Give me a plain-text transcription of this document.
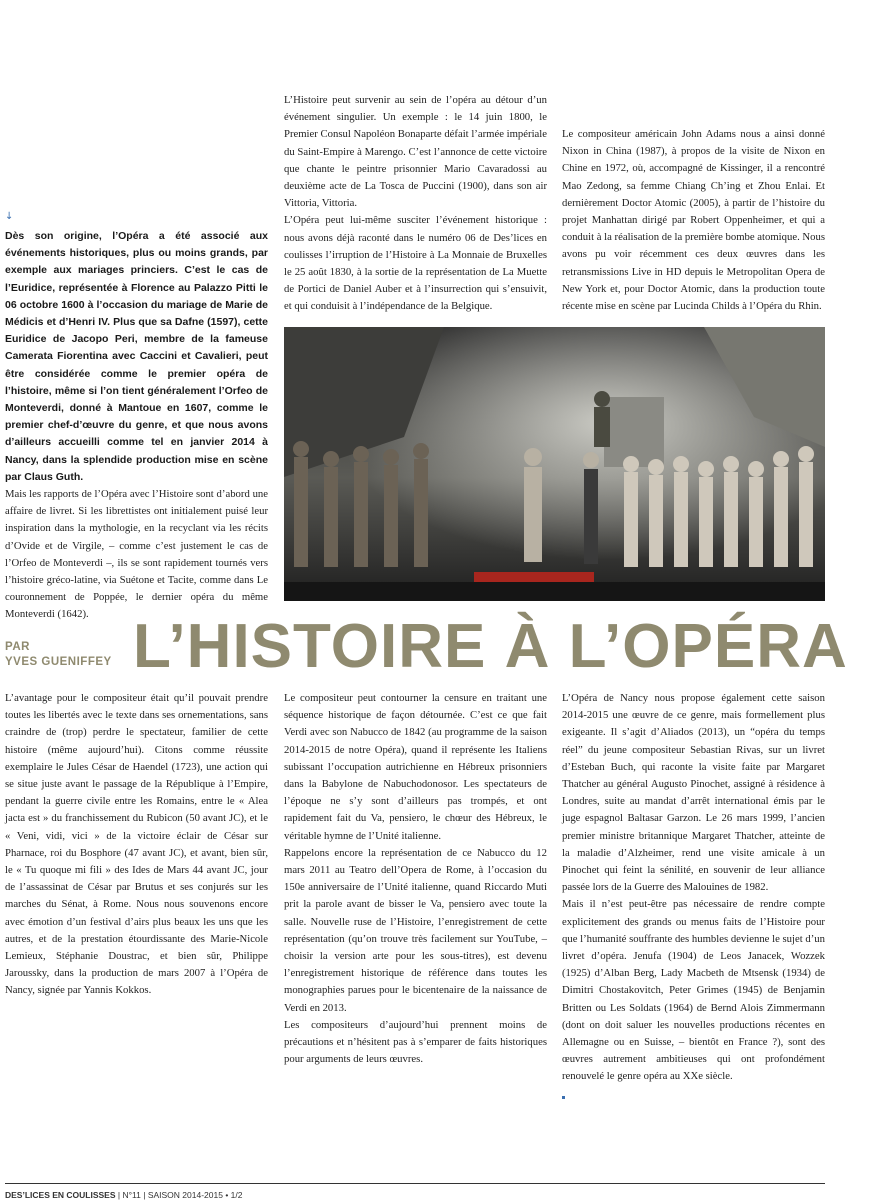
↓

Dès son origine, l’Opéra a été associé aux événements historiques, plus ou moins grands, par exemple aux mariages princiers. C’est le cas de l’Euridice, représentée à Florence au Palazzo Pitti le 06 octobre 1600 à l’occasion du mariage de Marie de Médicis et d’Henri IV. Plus que sa Dafne (1597), cette Euridice de Jacopo Peri, membre de la fameuse Camerata Fiorentina avec Caccini et Cavalieri, peut être considérée comme le premier opéra de l’histoire, même si l’on tient généralement l’Orfeo de Monteverdi, donné à Mantoue en 1607, comme le premier chef-d’œuvre du genre, et que nous avons d’ailleurs accueilli comme tel en janvier 2014 à Nancy, dans la splendide production mise en scène par Claus Guth.

Mais les rapports de l’Opéra avec l’Histoire sont d’abord une affaire de livret. Si les librettistes ont initialement puisé leur inspiration dans la mythologie, en la recyclant via les récits d’Ovide et de Virgile, – comme c’est justement le cas de l’Orfeo de Monteverdi –, ils se sont rapidement tournés vers l’histoire gréco-latine, via Suétone et Tacite, comme dans Le couronnement de Poppée, le dernier opéra du même Monteverdi (1642).

L’Histoire peut survenir au sein de l’opéra au détour d’un événement singulier. Un exemple : le 14 juin 1800, le Premier Consul Napoléon Bonaparte défait l’armée impériale du Saint-Empire à Marengo. C’est l’annonce de cette victoire que chante le peintre prisonnier Mario Cavaradossi au deuxième acte de La Tosca de Puccini (1900), dans son air Vittoria, Vittoria.

L’Opéra peut lui-même susciter l’événement historique : nous avons déjà raconté dans le numéro 06 de Des’lices en coulisses l’irruption de l’Histoire à La Monnaie de Bruxelles le 25 août 1830, à la sortie de la représentation de La Muette de Portici de Daniel Auber et à l’insurrection qui s’ensuivit, et qui conduisit à l’indépendance de la Belgique.

Le compositeur américain John Adams nous a ainsi donné Nixon in China (1987), à propos de la visite de Nixon en Chine en 1972, où, accompagné de Kissinger, il a rencontré Mao Zedong, sa femme Chiang Ch’ing et Zhou Enlai. Et dernièrement Doctor Atomic (2005), à partir de l’histoire du projet Manhattan dirigé par Robert Oppenheimer, et qui a conduit à la réalisation de la première bombe atomique. Nous avons pu voir récemment ces deux œuvres dans les retransmissions Live in HD depuis le Metropolitan Opera de New York et, pour Doctor Atomic, dans la production toute récente mise en scène par Lucinda Childs à l’Opéra du Rhin.

PAR
YVES GUENIFFEY L’HISTOIRE À L’OPÉRA

L’avantage pour le compositeur était qu’il pouvait prendre toutes les libertés avec le texte dans ses ornementations, sans craindre de (trop) perdre le spectateur, familier de cette histoire (même aujourd’hui). Citons comme réussite exemplaire le Jules César de Haendel (1723), une action qui se situe juste avant le passage de la République à l’Empire, pendant la guerre civile entre les Romains, entre le « Alea jacta est » du franchissement du Rubicon (50 avant JC), et le « Veni, vidi, vici » de la victoire éclair de César sur Pharnace, roi du Bosphore (47 avant JC), et avant, bien sûr, le « Tu quoque mi fili » des Ides de Mars 44 avant JC, jour de l’assassinat de César par Brutus et ses conjurés sur les marches du Sénat, à Rome. Nous nous souvenons encore avec émotion d’un festival d’airs plus beaux les uns que les autres, et de la prestation étourdissante des Marie-Nicole Lemieux, Stéphanie Doustrac, et bien sûr, Philippe Jaroussky, dans la production de mars 2007 à l’Opéra de Nancy, signée par Yannis Kokkos.

Le compositeur peut contourner la censure en traitant une séquence historique de façon détournée. C’est ce que fait Verdi avec son Nabucco de 1842 (au programme de la saison 2014-2015 de notre Opéra), quand il représente les Italiens subissant l’occupation autrichienne en Hébreux prisonniers dans la Babylone de Nabuchodonosor. Les spectateurs de l’époque ne s’y sont d’ailleurs pas trompés, et ont rapidement fait du Va, pensiero, le chœur des Hébreux, le véritable hymne de l’Unité italienne.

Rappelons encore la représentation de ce Nabucco du 12 mars 2011 au Teatro dell’Opera de Rome, à l’occasion du 150e anniversaire de l’Unité italienne, quand Riccardo Muti prit la parole avant de bisser le Va, pensiero avec toute la salle. Nouvelle ruse de l’Histoire, l’enregistrement de cette représentation (qu’on trouve très facilement sur YouTube, – choisir la version arte pour les sous-titres), est devenu l’enregistrement historique de référence dans toutes les monographies parues pour le bicentenaire de la naissance de Verdi en 2013.

Les compositeurs d’aujourd’hui prennent moins de précautions et n’hésitent pas à s’emparer de faits historiques pour arguments de leurs œuvres.

L’Opéra de Nancy nous propose également cette saison 2014-2015 une œuvre de ce genre, mais formellement plus exigeante. Il s’agit d’Aliados (2013), un “opéra du temps réel” du jeune compositeur Sebastian Rivas, sur un livret d’Esteban Buch, qui raconte la visite faite par Margaret Thatcher au général Augusto Pinochet, assigné à résidence à Londres, suite au mandat d’arrêt international émis par le juge espagnol Baltasar Garzon. Le 26 mars 1999, l’ancien premier ministre britannique Margaret Thatcher, atteinte de la maladie d’Alzheimer, rend une visite amicale à un Pinochet qui feint la sénilité, en souvenir de leur alliance passée lors de la Guerre des Malouines de 1982.

Mais il n’est peut-être pas nécessaire de rendre compte explicitement des grands ou menus faits de l’Histoire pour que l’humanité souffrante des humbles devienne le sujet d’un livret d’opéra. Jenufa (1904) de Leos Janacek, Wozzek (1925) d’Alban Berg, Lady Macbeth de Mtsensk (1934) de Dimitri Chostakovitch, Peter Grimes (1945) de Benjamin Britten ou Les Soldats (1964) de Bernd Alois Zimmermann (dont on doit saluer les nouvelles productions récentes en Allemagne ou en Suisse, – bientôt en France ?), sont des œuvres autrement ambitieuses qui ont profondément renouvelé le genre opéra au XXe siècle.

DES’LICES EN COULISSES | N°11 | SAISON 2014-2015 • 1/2
